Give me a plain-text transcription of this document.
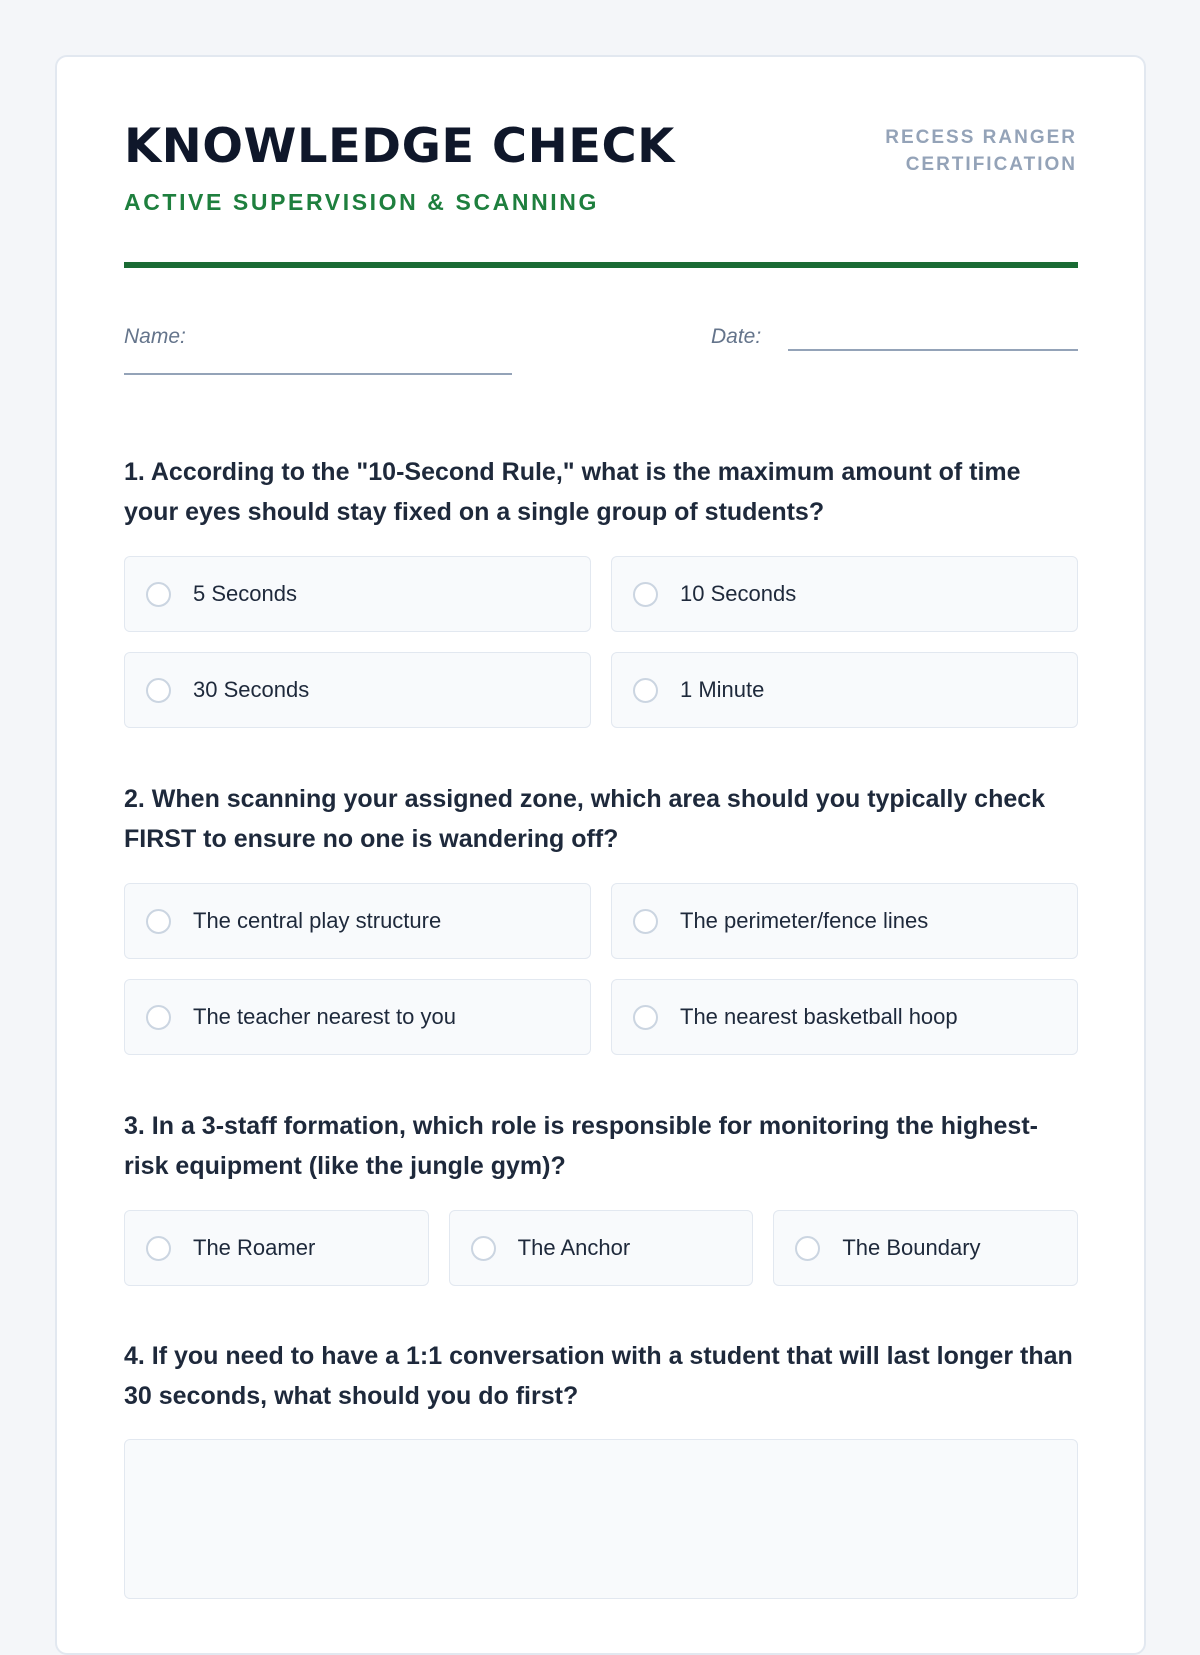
KNOWLEDGE CHECK
ACTIVE SUPERVISION & SCANNING
RECESS RANGER
CERTIFICATION
Name:	Date:
1. According to the "10-Second Rule," what is the maximum amount of time your eyes should stay fixed on a single group of students?
5 Seconds	10 Seconds
30 Seconds	1 Minute
2. When scanning your assigned zone, which area should you typically check FIRST to ensure no one is wandering off?
The central play structure	The perimeter/fence lines
The teacher nearest to you	The nearest basketball hoop
3. In a 3-staff formation, which role is responsible for monitoring the highest-risk equipment (like the jungle gym)?
The Roamer	The Anchor	The Boundary
4. If you need to have a 1:1 conversation with a student that will last longer than 30 seconds, what should you do first?
